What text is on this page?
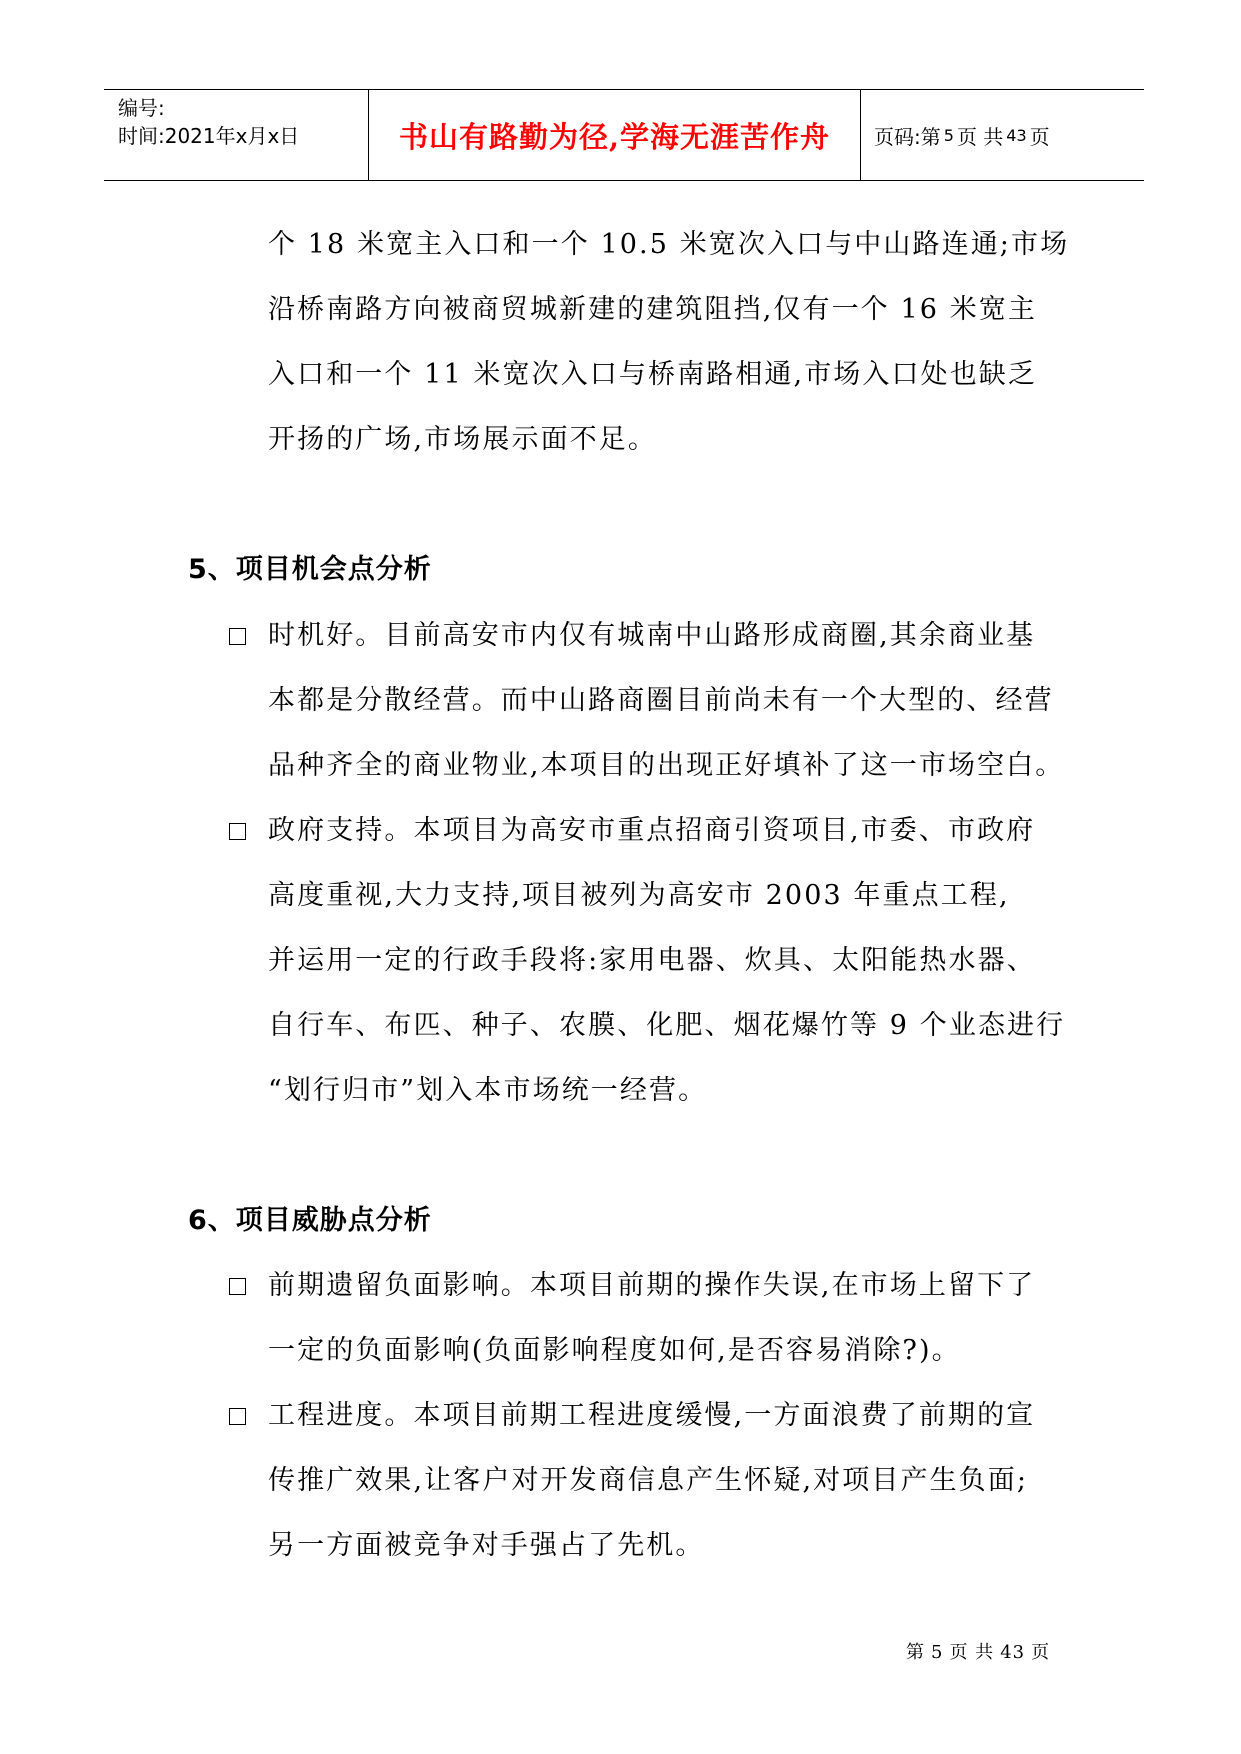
编号:
时间:2021年x月x日	书山有路勤为径,学海无涯苦作舟 页码:第 5 页 共 43 页
个 18 米宽主入口和一个 10.5 米宽次入口与中山路连通;市场
沿桥南路方向被商贸城新建的建筑阻挡,仅有一个 16 米宽主
入口和一个 11 米宽次入口与桥南路相通,市场入口处也缺乏
开扬的广场,市场展示面不足。
5、项目机会点分析
时机好。目前高安市内仅有城南中山路形成商圈,其余商业基
本都是分散经营。而中山路商圈目前尚未有一个大型的、经营
品种齐全的商业物业,本项目的出现正好填补了这一市场空白。
政府支持。本项目为高安市重点招商引资项目,市委、市政府
高度重视,大力支持,项目被列为高安市 2003 年重点工程,
并运用一定的行政手段将:家用电器、炊具、太阳能热水器、
自行车、布匹、种子、农膜、化肥、烟花爆竹等 9 个业态进行
“划行归市”划入本市场统一经营。
6、项目威胁点分析
前期遗留负面影响。本项目前期的操作失误,在市场上留下了
一定的负面影响(负面影响程度如何,是否容易消除?)。
工程进度。本项目前期工程进度缓慢,一方面浪费了前期的宣
传推广效果,让客户对开发商信息产生怀疑,对项目产生负面;
另一方面被竞争对手强占了先机。
第 5 页 共 43 页
